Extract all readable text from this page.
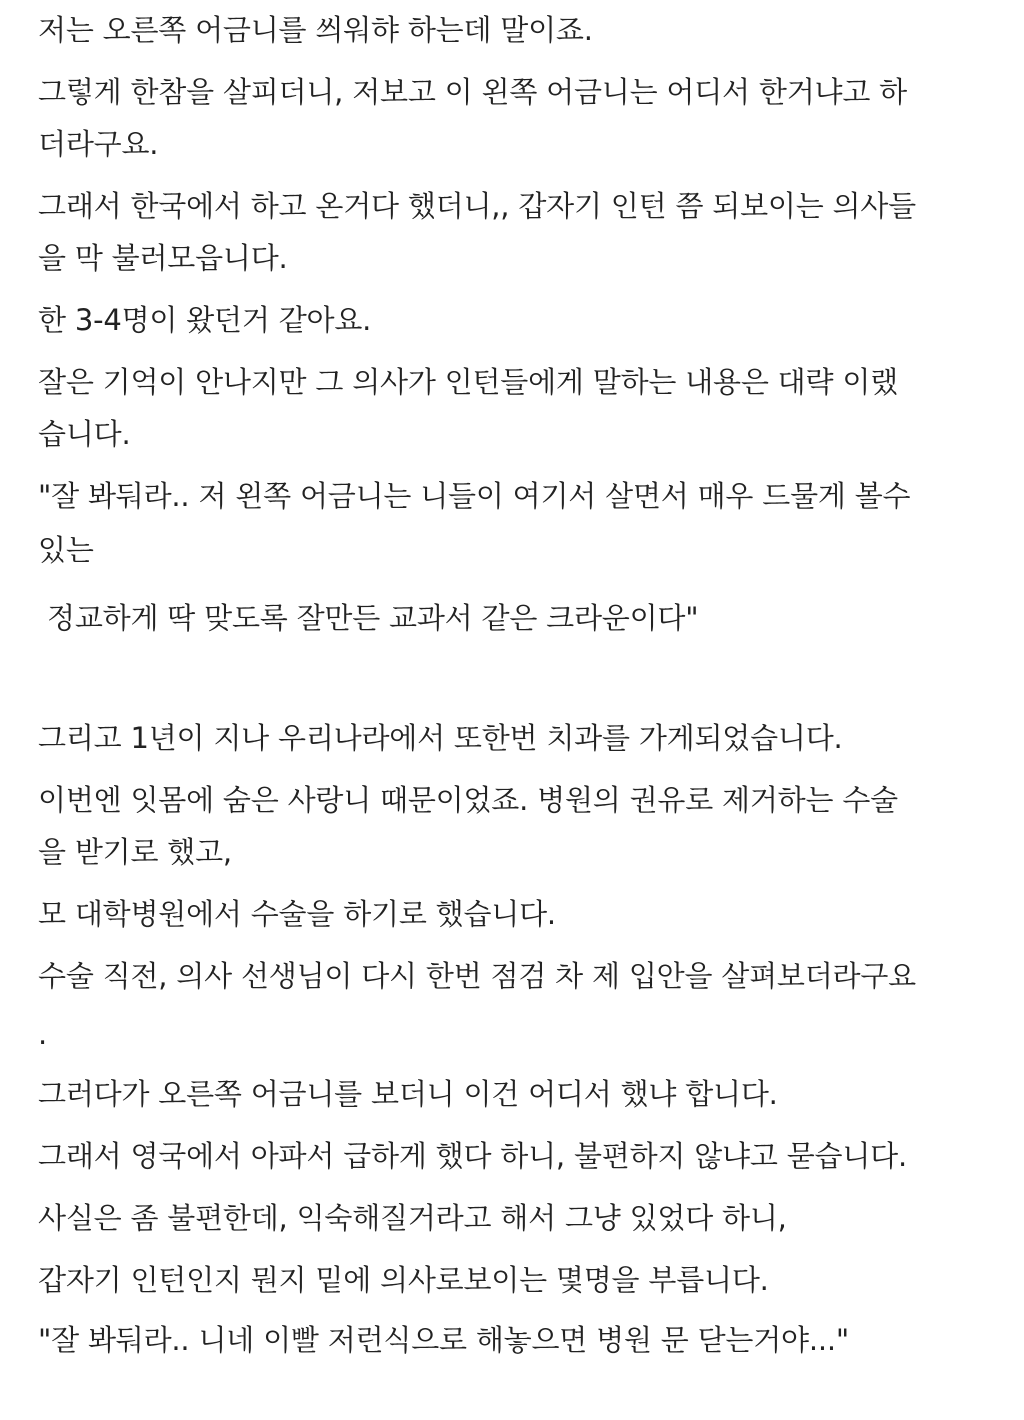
저는 오른쪽 어금니를 씌워햐 하는데 말이죠.
그렇게 한참을 살피더니, 저보고 이 왼쪽 어금니는 어디서 한거냐고 하
더라구요.
그래서 한국에서 하고 온거다 했더니,, 갑자기 인턴 쯤 되보이는 의사들
을 막 불러모읍니다.
한 3-4명이 왔던거 같아요.
잘은 기억이 안나지만 그 의사가 인턴들에게 말하는 내용은 대략 이랬
습니다.
"잘 봐둬라.. 저 왼쪽 어금니는 니들이 여기서 살면서 매우 드물게 볼수
있는
정교하게 딱 맞도록 잘만든 교과서 같은 크라운이다"
그리고 1년이 지나 우리나라에서 또한번 치과를 가게되었습니다.
이번엔 잇몸에 숨은 사랑니 때문이었죠. 병원의 권유로 제거하는 수술
을 받기로 했고,
모 대학병원에서 수술을 하기로 했습니다.
수술 직전, 의사 선생님이 다시 한번 점검 차 제 입안을 살펴보더라구요
.
그러다가 오른쪽 어금니를 보더니 이건 어디서 했냐 합니다.
그래서 영국에서 아파서 급하게 했다 하니, 불편하지 않냐고 묻습니다.
사실은 좀 불편한데, 익숙해질거라고 해서 그냥 있었다 하니,
갑자기 인턴인지 뭔지 밑에 의사로보이는 몇명을 부릅니다.
"잘 봐둬라.. 니네 이빨 저런식으로 해놓으면 병원 문 닫는거야..."
